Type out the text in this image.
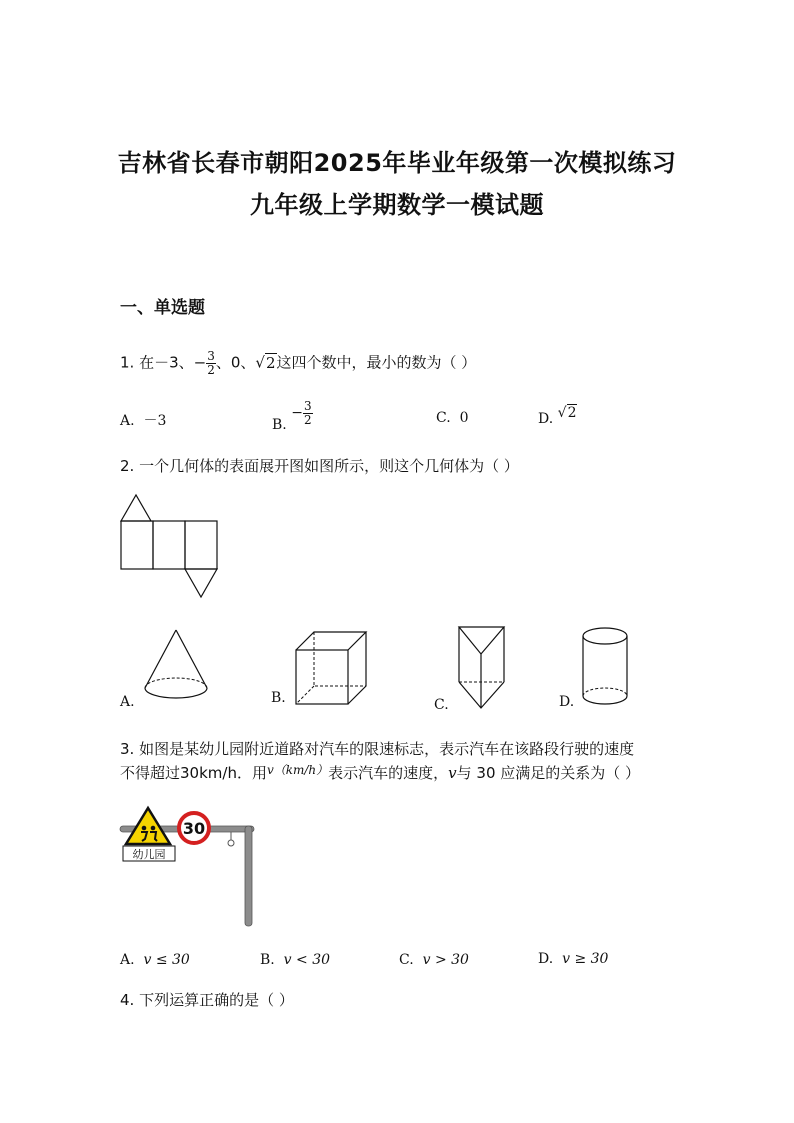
吉林省长春市朝阳2025年毕业年级第一次模拟练习
九年级上学期数学一模试题
一、单选题
1. 在－3、− $\frac{3}{2}$ 、0、√2这四个数中，最小的数为（ ）
A. －3	B. − $\frac{3}{2}$	C. 0	D. √2
2. 一个几何体的表面展开图如图所示，则这个几何体为（ ）
A.	B.	C.	D.
3. 如图是某幼儿园附近道路对汽车的限速标志，表示汽车在该路段行驶的速度
不得超过30km/h．用$^{v(km/h)}$表示汽车的速度，v与 30 应满足的关系为（ ）
幼儿园
30
A. v ≤ 30	B. v < 30	C. v > 30	D. v ≥ 30
4. 下列运算正确的是（ ）
